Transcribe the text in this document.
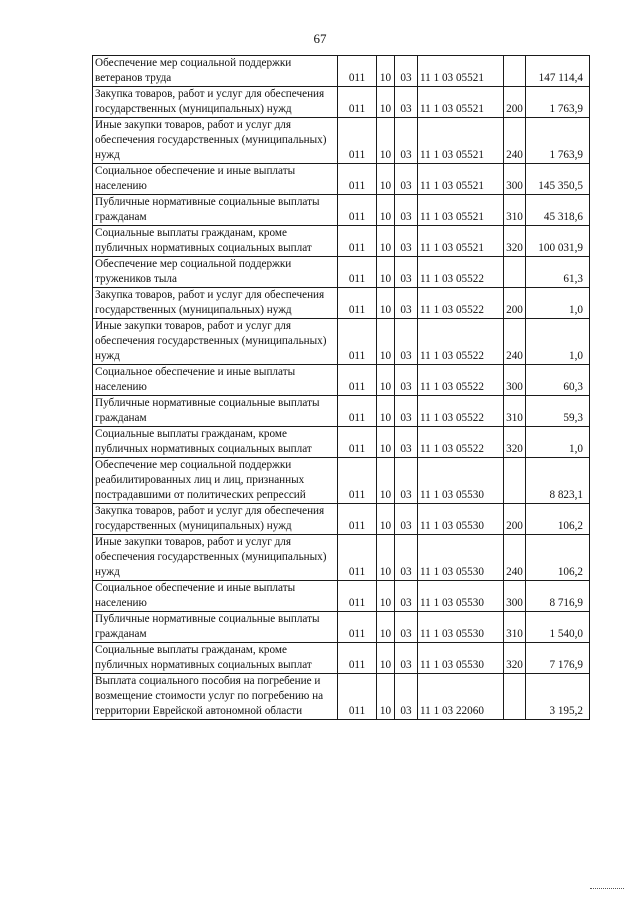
67
Обеспечение мер социальной поддержки ветеранов труда	011	10	03	11 1 03 05521		147 114,4
Закупка товаров, работ и услуг для обеспечения государственных (муниципальных) нужд	011	10	03	11 1 03 05521	200	1 763,9
Иные закупки товаров, работ и услуг для обеспечения государственных (муниципальных) нужд	011	10	03	11 1 03 05521	240	1 763,9
Социальное обеспечение и иные выплаты населению	011	10	03	11 1 03 05521	300	145 350,5
Публичные нормативные социальные выплаты гражданам	011	10	03	11 1 03 05521	310	45 318,6
Социальные выплаты гражданам, кроме публичных нормативных социальных выплат	011	10	03	11 1 03 05521	320	100 031,9
Обеспечение мер социальной поддержки тружеников тыла	011	10	03	11 1 03 05522		61,3
Закупка товаров, работ и услуг для обеспечения государственных (муниципальных) нужд	011	10	03	11 1 03 05522	200	1,0
Иные закупки товаров, работ и услуг для обеспечения государственных (муниципальных) нужд	011	10	03	11 1 03 05522	240	1,0
Социальное обеспечение и иные выплаты населению	011	10	03	11 1 03 05522	300	60,3
Публичные нормативные социальные выплаты гражданам	011	10	03	11 1 03 05522	310	59,3
Социальные выплаты гражданам, кроме публичных нормативных социальных выплат	011	10	03	11 1 03 05522	320	1,0
Обеспечение мер социальной поддержки реабилитированных лиц и лиц, признанных пострадавшими от политических репрессий	011	10	03	11 1 03 05530		8 823,1
Закупка товаров, работ и услуг для обеспечения государственных (муниципальных) нужд	011	10	03	11 1 03 05530	200	106,2
Иные закупки товаров, работ и услуг для обеспечения государственных (муниципальных) нужд	011	10	03	11 1 03 05530	240	106,2
Социальное обеспечение и иные выплаты населению	011	10	03	11 1 03 05530	300	8 716,9
Публичные нормативные социальные выплаты гражданам	011	10	03	11 1 03 05530	310	1 540,0
Социальные выплаты гражданам, кроме публичных нормативных социальных выплат	011	10	03	11 1 03 05530	320	7 176,9
Выплата социального пособия на погребение и возмещение стоимости услуг по погребению на территории Еврейской автономной области	011	10	03	11 1 03 22060		3 195,2
